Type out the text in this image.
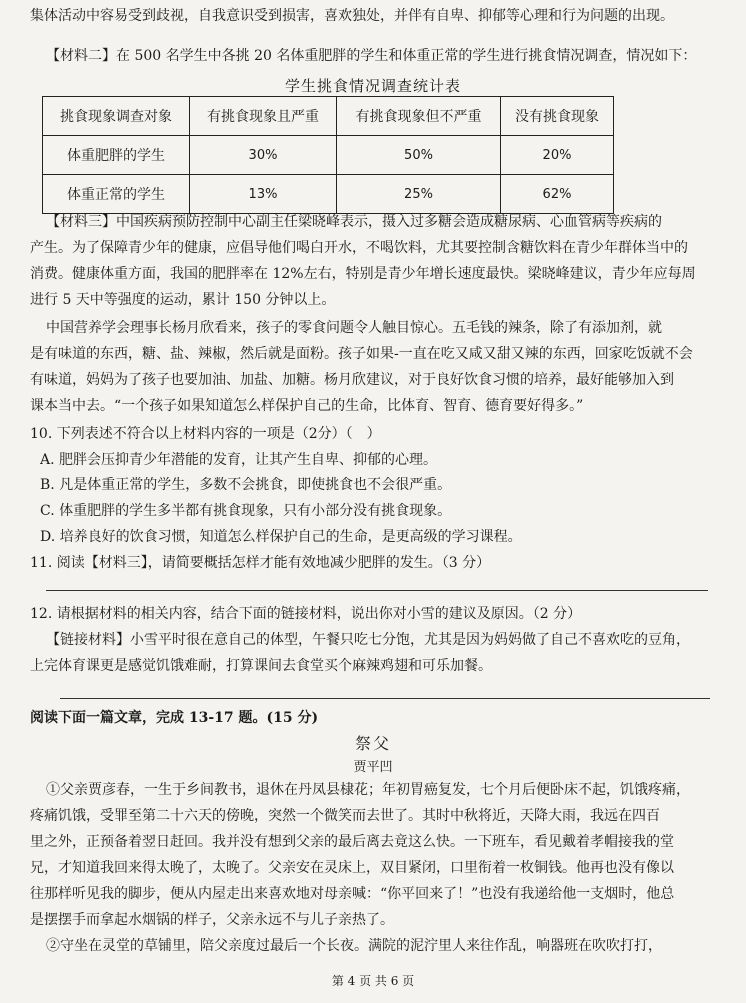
集体活动中容易受到歧视，自我意识受到损害，喜欢独处，并伴有自卑、抑郁等心理和行为问题的出现。
【材料二】在 500 名学生中各挑 20 名体重肥胖的学生和体重正常的学生进行挑食情况调查，情况如下：
学生挑食情况调查统计表
挑食现象调查对象	有挑食现象且严重	有挑食现象但不严重	没有挑食现象
体重肥胖的学生	30%	50%	20%
体重正常的学生	13%	25%	62%
【材料三】中国疾病预防控制中心副主任梁晓峰表示，摄入过多糖会造成糖尿病、心血管病等疾病的
产生。为了保障青少年的健康，应倡导他们喝白开水，不喝饮料，尤其要控制含糖饮料在青少年群体当中的
消费。健康体重方面，我国的肥胖率在 12%左右，特别是青少年增长速度最快。梁晓峰建议，青少年应每周
进行 5 天中等强度的运动，累计 150 分钟以上。
中国营养学会理事长杨月欣看来，孩子的零食问题令人触目惊心。五毛钱的辣条，除了有添加剂，就
是有味道的东西，糖、盐、辣椒，然后就是面粉。孩子如果-一直在吃又咸又甜又辣的东西，回家吃饭就不会
有味道，妈妈为了孩子也要加油、加盐、加糖。杨月欣建议，对于良好饮食习惯的培养，最好能够加入到
课本当中去。“一个孩子如果知道怎么样保护自己的生命，比体育、智育、德育要好得多。”
10. 下列表述不符合以上材料内容的一项是（2分）（　）
A. 肥胖会压抑青少年潜能的发育，让其产生自卑、抑郁的心理。
B. 凡是体重正常的学生，多数不会挑食，即使挑食也不会很严重。
C. 体重肥胖的学生多半都有挑食现象，只有小部分没有挑食现象。
D. 培养良好的饮食习惯，知道怎么样保护自己的生命，是更高级的学习课程。
11. 阅读【材料三】，请简要概括怎样才能有效地减少肥胖的发生。（3 分）
12. 请根据材料的相关内容，结合下面的链接材料，说出你对小雪的建议及原因。（2 分）
【链接材料】小雪平时很在意自己的体型，午餐只吃七分饱，尤其是因为妈妈做了自己不喜欢吃的豆角，
上完体育课更是感觉饥饿难耐，打算课间去食堂买个麻辣鸡翅和可乐加餐。
阅读下面一篇文章，完成 13-17 题。(15 分)
祭父
贾平凹
①父亲贾彦春，一生于乡间教书，退休在丹凤县棣花；年初胃癌复发，七个月后便卧床不起，饥饿疼痛，
疼痛饥饿，受罪至第二十六天的傍晚，突然一个微笑而去世了。其时中秋将近，天降大雨，我远在四百
里之外，正预备着翌日赶回。我并没有想到父亲的最后离去竟这么快。一下班车，看见戴着孝帽接我的堂
兄，才知道我回来得太晚了，太晚了。父亲安在灵床上，双目紧闭，口里衔着一枚铜钱。他再也没有像以
往那样听见我的脚步，便从内屋走出来喜欢地对母亲喊：“你平回来了！”也没有我递给他一支烟时，他总
是摆摆手而拿起水烟锅的样子，父亲永远不与儿子亲热了。
②守坐在灵堂的草铺里，陪父亲度过最后一个长夜。满院的泥泞里人来往作乱，响器班在吹吹打打，
第 4 页 共 6 页
